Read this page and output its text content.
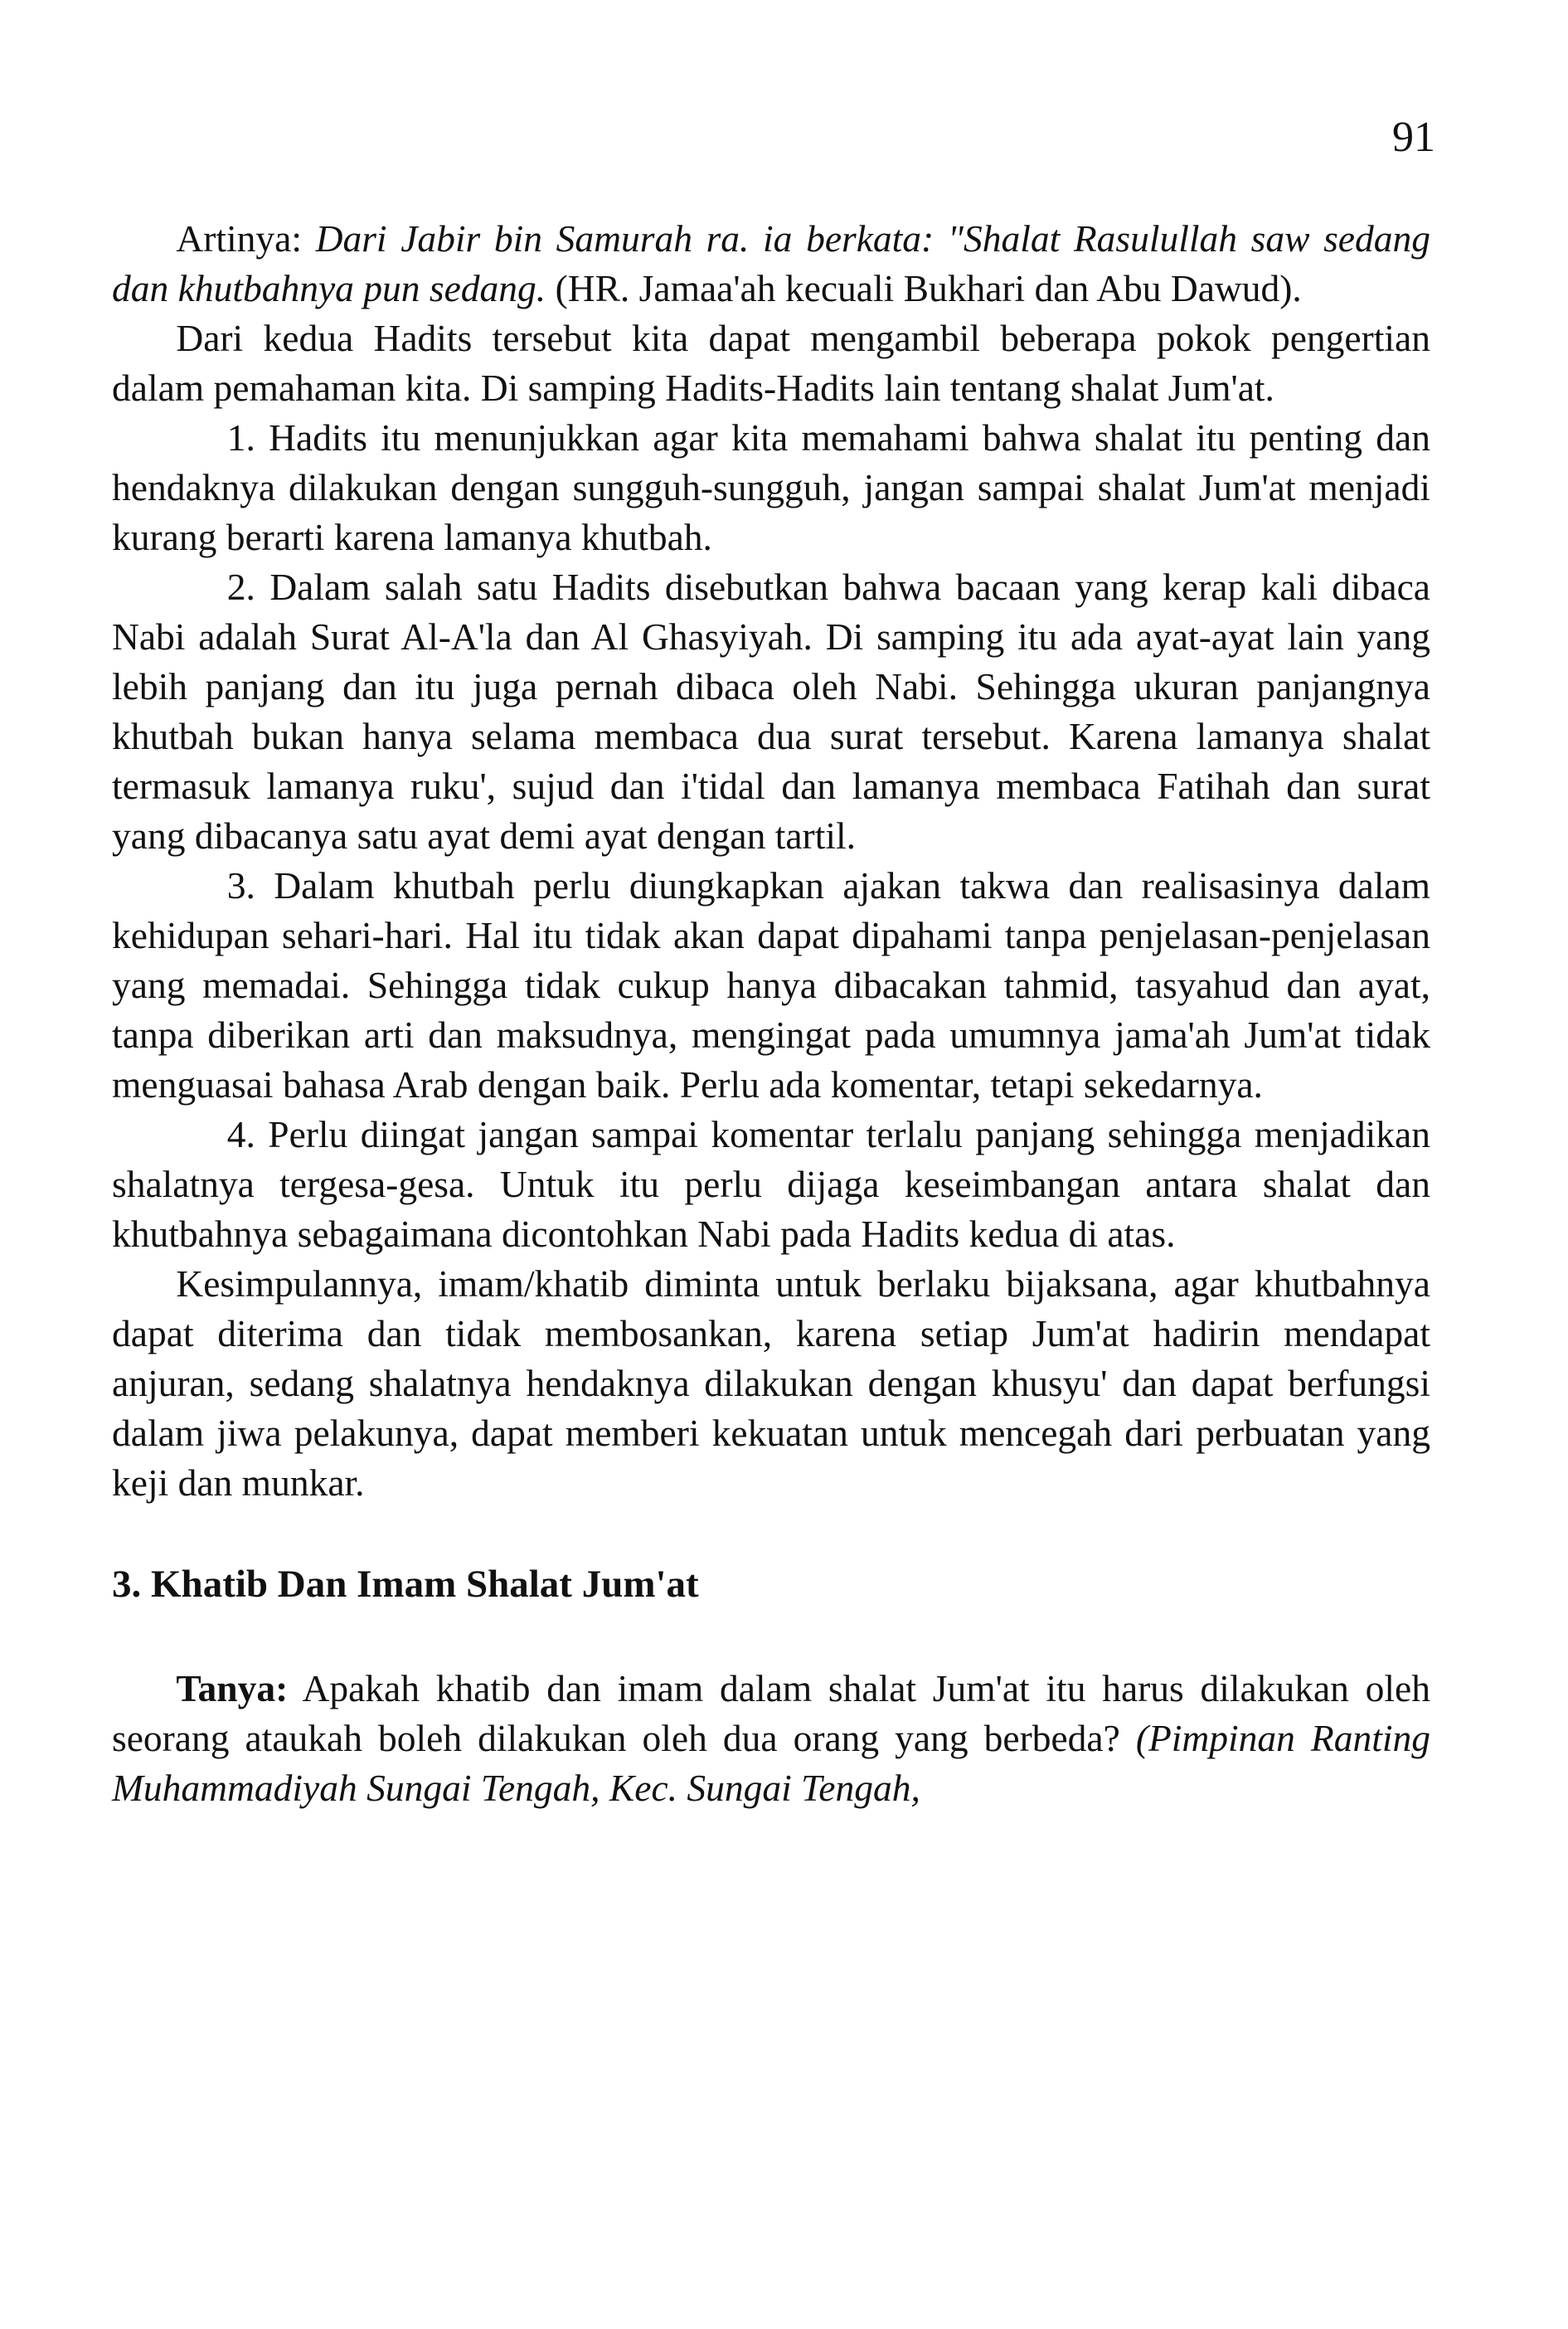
91

Artinya: Dari Jabir bin Samurah ra. ia berkata: "Shalat Rasulullah saw sedang dan khutbahnya pun sedang. (HR. Jamaa'ah kecuali Bukhari dan Abu Dawud).

Dari kedua Hadits tersebut kita dapat mengambil beberapa pokok pengertian dalam pemahaman kita. Di samping Hadits-Hadits lain tentang shalat Jum'at.

1. Hadits itu menunjukkan agar kita memahami bahwa shalat itu penting dan hendaknya dilakukan dengan sungguh-sungguh, jangan sampai shalat Jum'at menjadi kurang berarti karena lamanya khutbah.

2. Dalam salah satu Hadits disebutkan bahwa bacaan yang kerap kali dibaca Nabi adalah Surat Al-A'la dan Al Ghasyiyah. Di samping itu ada ayat-ayat lain yang lebih panjang dan itu juga pernah dibaca oleh Nabi. Sehingga ukuran panjangnya khutbah bukan hanya selama membaca dua surat tersebut. Karena lamanya shalat termasuk lamanya ruku', sujud dan i'tidal dan lamanya membaca Fatihah dan surat yang dibacanya satu ayat demi ayat dengan tartil.

3. Dalam khutbah perlu diungkapkan ajakan takwa dan realisasinya dalam kehidupan sehari-hari. Hal itu tidak akan dapat dipahami tanpa penjelasan-penjelasan yang memadai. Sehingga tidak cukup hanya dibacakan tahmid, tasyahud dan ayat, tanpa diberikan arti dan maksudnya, mengingat pada umumnya jama'ah Jum'at tidak menguasai bahasa Arab dengan baik. Perlu ada komentar, tetapi sekedarnya.

4. Perlu diingat jangan sampai komentar terlalu panjang sehingga menjadikan shalatnya tergesa-gesa. Untuk itu perlu dijaga keseimbangan antara shalat dan khutbahnya sebagaimana dicontohkan Nabi pada Hadits kedua di atas.

Kesimpulannya, imam/khatib diminta untuk berlaku bijaksana, agar khutbahnya dapat diterima dan tidak membosankan, karena setiap Jum'at hadirin mendapat anjuran, sedang shalatnya hendaknya dilakukan dengan khusyu' dan dapat berfungsi dalam jiwa pelakunya, dapat memberi kekuatan untuk mencegah dari perbuatan yang keji dan munkar.

3. Khatib Dan Imam Shalat Jum'at

Tanya: Apakah khatib dan imam dalam shalat Jum'at itu harus dilakukan oleh seorang ataukah boleh dilakukan oleh dua orang yang berbeda? (Pimpinan Ranting Muhammadiyah Sungai Tengah, Kec. Sungai Tengah,
